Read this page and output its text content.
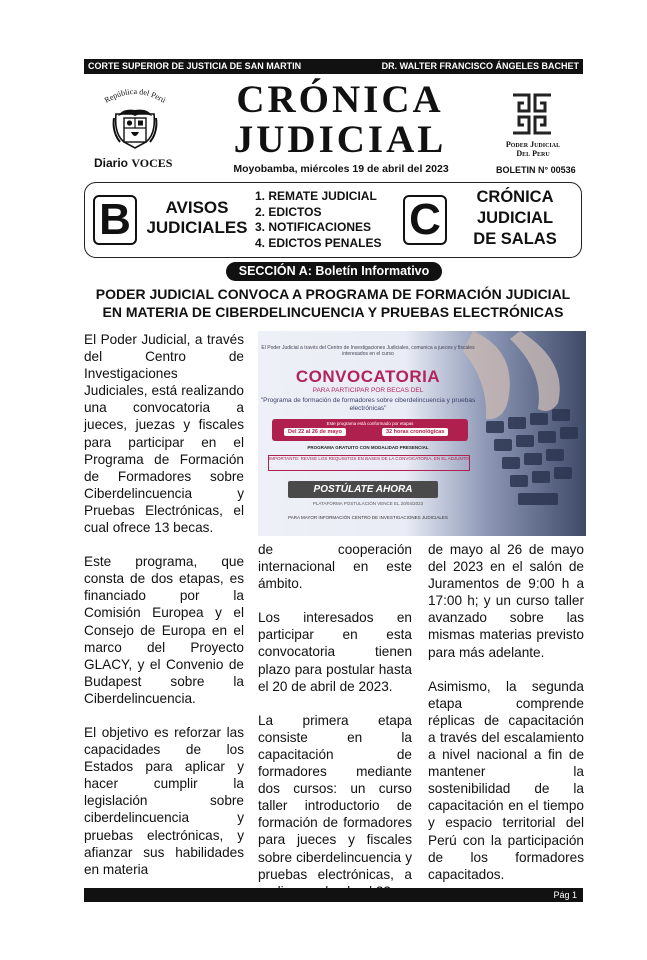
CORTE SUPERIOR DE JUSTICIA DE SAN MARTIN	DR. WALTER FRANCISCO ÁNGELES BACHET
República del Perú
Diario VOCES
CRÓNICA
JUDICIAL
Moyobamba, miércoles 19 de abril del 2023
Poder Judicial
Del Peru
BOLETIN N° 00536
B	AVISOS
JUDICIALES
1. REMATE JUDICIAL
2. EDICTOS
3. NOTIFICACIONES
4. EDICTOS PENALES C	CRÓNICA
JUDICIAL
DE SALAS
SECCIÓN A: Boletín Informativo
PODER JUDICIAL CONVOCA A PROGRAMA DE FORMACIÓN JUDICIAL
EN MATERIA DE CIBERDELINCUENCIA Y PRUEBAS ELECTRÓNICAS

El Poder Judicial, a través del Centro de Investigaciones Judiciales, está realizando una convocatoria a jueces, juezas y fiscales para participar en el Programa de Formación de Formadores sobre Ciberdelincuencia y Pruebas Electrónicas, el cual ofrece 13 becas.

Este programa, que consta de dos etapas, es financiado por la Comisión Europea y el Consejo de Europa en el marco del Proyecto GLACY, y el Convenio de Budapest sobre la Ciberdelincuencia.

El objetivo es reforzar las capacidades de los Estados para aplicar y hacer cumplir la legislación sobre ciberdelincuencia y pruebas electrónicas, y afianzar sus habilidades en materia

El Poder Judicial a través del Centro de Investigaciones Judiciales, comunica a jueces y fiscales interesados en el curso
CONVOCATORIA
PARA PARTICIPAR POR BECAS DEL
"Programa de formación de formadores sobre ciberdelincuencia y pruebas electrónicas"
Este programa está conformado por etapas
Del 22 al 26 de mayo	32 horas cronológicas
PROGRAMA GRATUITO CON MODALIDAD PRESENCIAL
IMPORTANTE: REVISE LOS REQUISITOS EN BASES DE LA CONVOCATORIA, EN EL ADJUNTO
POSTÚLATE AHORA
PLATAFORMA POSTULACIÓN VENCE EL 20/04/2023
PARA MAYOR INFORMACIÓN CENTRO DE INVESTIGACIONES JUDICIALES

de cooperación internacional en este ámbito.

Los interesados en participar en esta convocatoria tienen plazo para postular hasta el 20 de abril de 2023.

La primera etapa consiste en la capacitación de formadores mediante dos cursos: un curso taller introductorio de formación de formadores para jueces y fiscales sobre ciberdelincuencia y pruebas electrónicas, a

de mayo al 26 de mayo del 2023 en el salón de Juramentos de 9:00 h a 17:00 h; y un curso taller avanzado sobre las mismas materias previsto para más adelante.

Asimismo, la segunda etapa comprende réplicas de capacitación a través del escalamiento a nivel nacional a fin de mantener la sostenibilidad de la capacitación en el tiempo y espacio territorial del Perú con la participación de los formadores capacitados.

Pág 1
